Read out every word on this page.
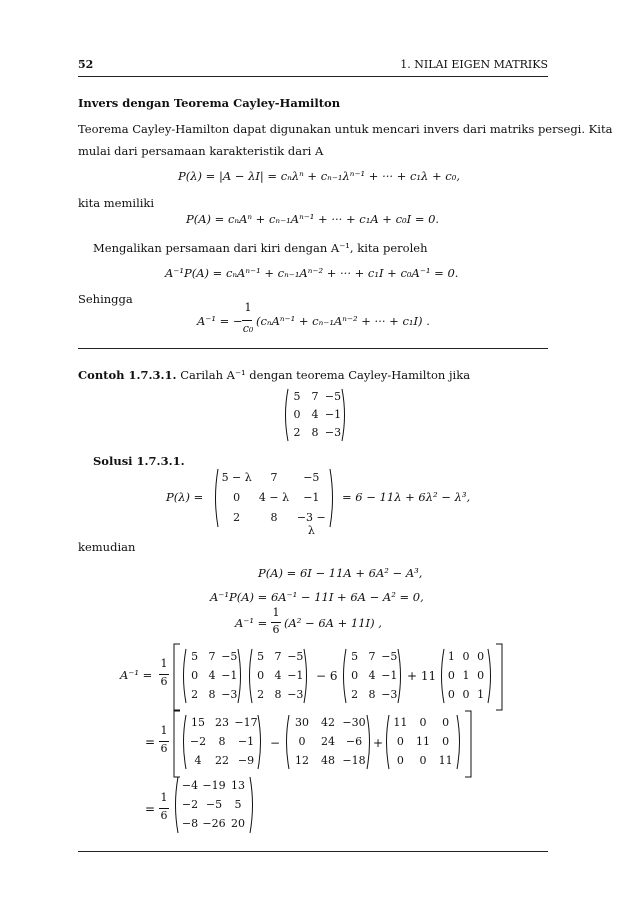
52	1. NILAI EIGEN MATRIKS
Invers dengan Teorema Cayley-Hamilton
Teorema Cayley-Hamilton dapat digunakan untuk mencari invers dari matriks persegi. Kita
mulai dari persamaan karakteristik dari A
P(λ) = |A − λI| = cₙλⁿ + cₙ₋₁λⁿ⁻¹ + ··· + c₁λ + c₀,
kita memiliki
P(A) = cₙAⁿ + cₙ₋₁Aⁿ⁻¹ + ··· + c₁A + c₀I = 0.
Mengalikan persamaan dari kiri dengan A⁻¹, kita peroleh
A⁻¹P(A) = cₙAⁿ⁻¹ + cₙ₋₁Aⁿ⁻² + ··· + c₁I + c₀A⁻¹ = 0.
Sehingga
A⁻¹ = −
1
c₀
(cₙAⁿ⁻¹ + cₙ₋₁Aⁿ⁻² + ··· + c₁I) .
Contoh 1.7.3.1. Carilah A⁻¹ dengan teorema Cayley-Hamilton jika
5	7 −5
0	4 −1
2	8 −3
Solusi 1.7.3.1.
P(λ) =
5 − λ	7	−5
0	4 − λ	−1
2	8	−3 − λ
= 6 − 11λ + 6λ² − λ³,
kemudian
P(A) = 6I − 11A + 6A² − A³,
A⁻¹P(A) = 6A⁻¹ − 11I + 6A − A² = 0,
A⁻¹ =
1
6 (A² − 6A + 11I) ,
A⁻¹ =
1
6
5 7 −5
0 4 −1
2 8 −3
5 7 −5
0 4 −1
2 8 −3
− 6
5 7 −5
0 4 −1
2 8 −3
+ 11
1 0 0
0 1 0
0 0 1
=
1
6
15 23 −17
−2	8	−1
4	22 −9
−
30	42 −30
0	24 −6
12	48 −18
+
11	0	0
0	11	0
0	0	11
=
1
6
−4 −19 13
−2 −5	5
−8 −26 20
